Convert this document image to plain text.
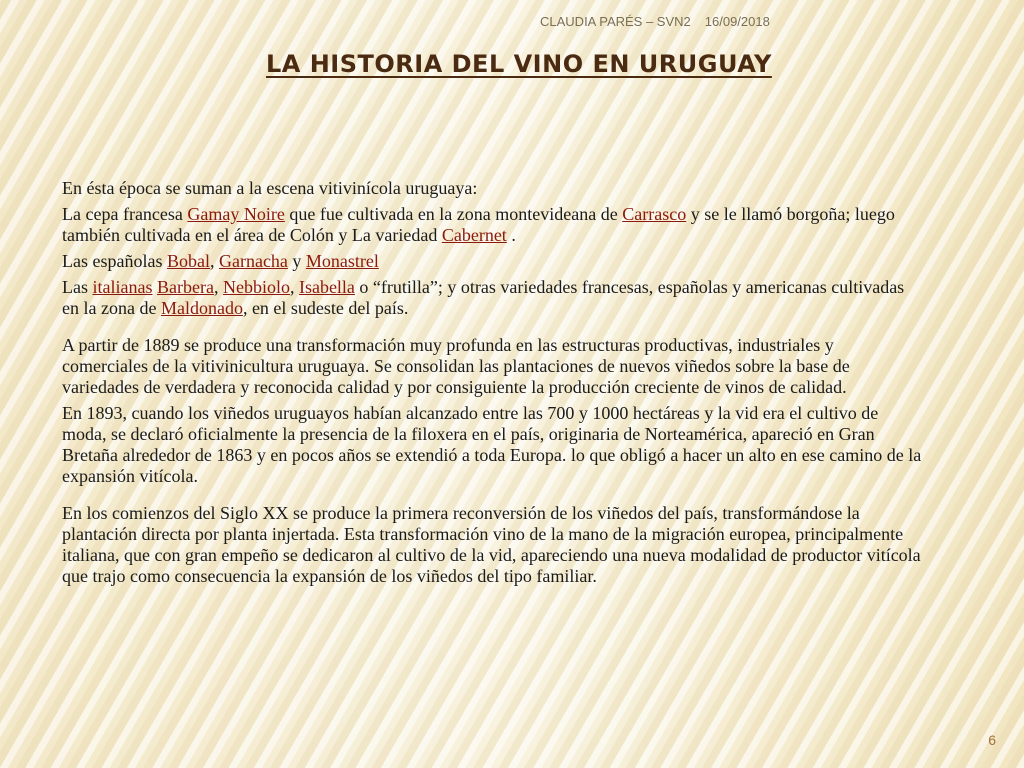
CLAUDIA PARÉS – SVN2 16/09/2018
LA HISTORIA DEL VINO EN URUGUAY

En ésta época se suman a la escena vitivinícola uruguaya:

La cepa francesa Gamay Noire que fue cultivada en la zona montevideana de Carrasco y se le llamó borgoña; luego también cultivada en el área de Colón y La variedad Cabernet .

Las españolas Bobal, Garnacha y Monastrel

Las italianas Barbera, Nebbiolo, Isabella o “frutilla”; y otras variedades francesas, españolas y americanas cultivadas en la zona de Maldonado, en el sudeste del país.

A partir de 1889 se produce una transformación muy profunda en las estructuras productivas, industriales y comerciales de la vitivinicultura uruguaya. Se consolidan las plantaciones de nuevos viñedos sobre la base de variedades de verdadera y reconocida calidad y por consiguiente la producción creciente de vinos de calidad.

En 1893, cuando los viñedos uruguayos habían alcanzado entre las 700 y 1000 hectáreas y la vid era el cultivo de moda, se declaró oficialmente la presencia de la filoxera en el país, originaria de Norteamérica, apareció en Gran Bretaña alrededor de 1863 y en pocos años se extendió a toda Europa. lo que obligó a hacer un alto en ese camino de la expansión vitícola.

En los comienzos del Siglo XX se produce la primera reconversión de los viñedos del país, transformándose la plantación directa por planta injertada. Esta transformación vino de la mano de la migración europea, principalmente italiana, que con gran empeño se dedicaron al cultivo de la vid, apareciendo una nueva modalidad de productor vitícola que trajo como consecuencia la expansión de los viñedos del tipo familiar.

6
